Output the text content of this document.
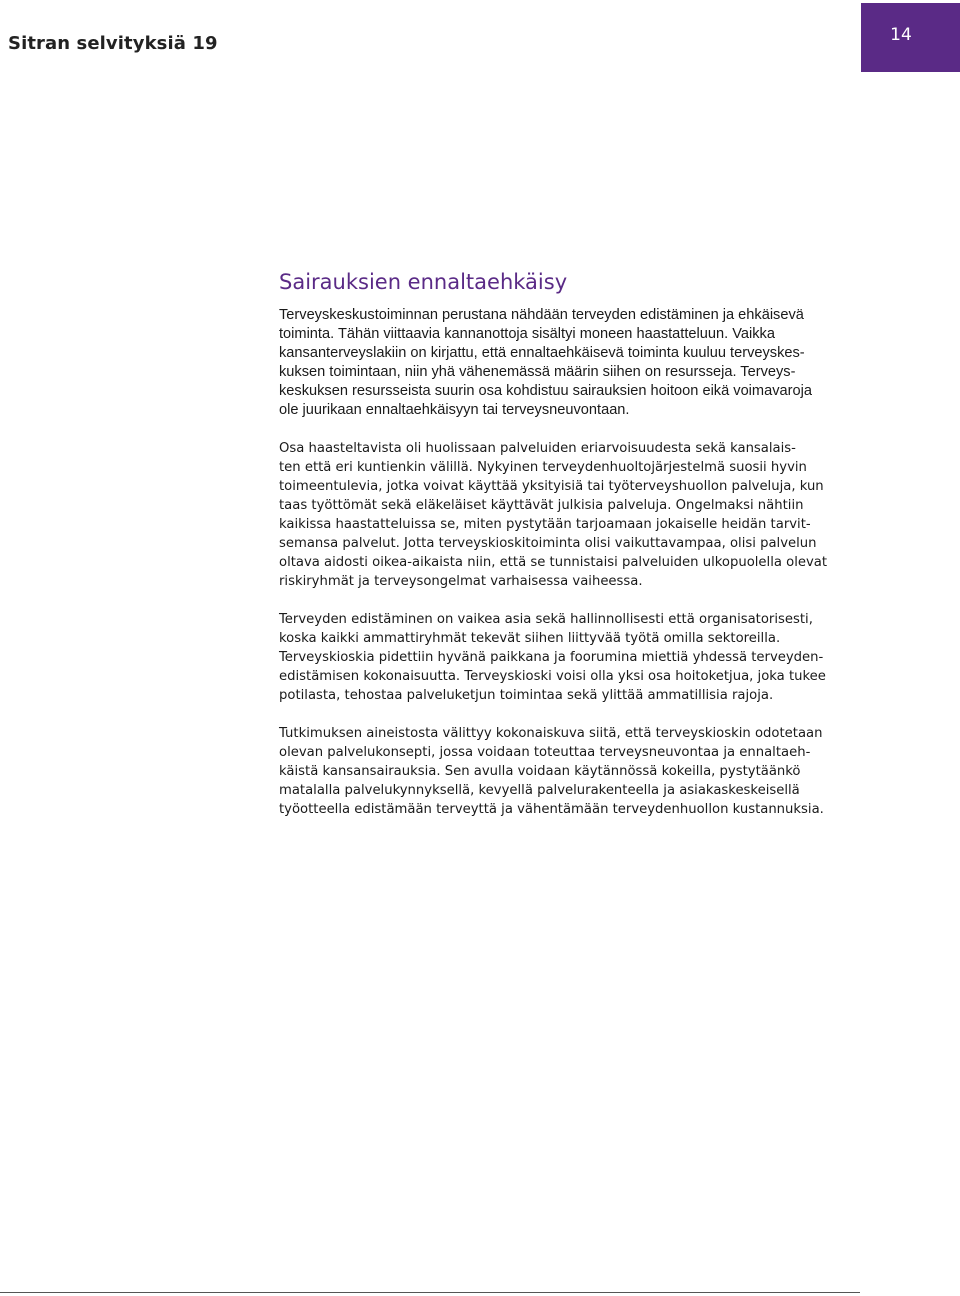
Sitran selvityksiä 19	14
Sairauksien ennaltaehkäisy

Terveyskeskustoiminnan perustana nähdään terveyden edistäminen ja ehkäisevä
toiminta. Tähän viittaavia kannanottoja sisältyi moneen haastatteluun. Vaikka
kansanterveyslakiin on kirjattu, että ennaltaehkäisevä toiminta kuuluu terveyskes-
kuksen toimintaan, niin yhä vähenemässä määrin siihen on resursseja. Terveys-
keskuksen resursseista suurin osa kohdistuu sairauksien hoitoon eikä voimavaroja
ole juurikaan ennaltaehkäisyyn tai terveysneuvontaan.

Osa haasteltavista oli huolissaan palveluiden eriarvoisuudesta sekä kansalais-
ten että eri kuntienkin välillä. Nykyinen terveydenhuoltojärjestelmä suosii hyvin
toimeentulevia, jotka voivat käyttää yksityisiä tai työterveyshuollon palveluja, kun
taas työttömät sekä eläkeläiset käyttävät julkisia palveluja. Ongelmaksi nähtiin
kaikissa haastatteluissa se, miten pystytään tarjoamaan jokaiselle heidän tarvit-
semansa palvelut. Jotta terveyskioskitoiminta olisi vaikuttavampaa, olisi palvelun
oltava aidosti oikea-aikaista niin, että se tunnistaisi palveluiden ulkopuolella olevat
riskiryhmät ja terveysongelmat varhaisessa vaiheessa.

Terveyden edistäminen on vaikea asia sekä hallinnollisesti että organisatorisesti,
koska kaikki ammattiryhmät tekevät siihen liittyvää työtä omilla sektoreilla.
Terveyskioskia pidettiin hyvänä paikkana ja foorumina miettiä yhdessä terveyden-
edistämisen kokonaisuutta. Terveyskioski voisi olla yksi osa hoitoketjua, joka tukee
potilasta, tehostaa palveluketjun toimintaa sekä ylittää ammatillisia rajoja.

Tutkimuksen aineistosta välittyy kokonaiskuva siitä, että terveyskioskin odotetaan
olevan palvelukonsepti, jossa voidaan toteuttaa terveysneuvontaa ja ennaltaeh-
käistä kansansairauksia. Sen avulla voidaan käytännössä kokeilla, pystytäänkö
matalalla palvelukynnyksellä, kevyellä palvelurakenteella ja asiakaskeskeisellä
työotteella edistämään terveyttä ja vähentämään terveydenhuollon kustannuksia.
